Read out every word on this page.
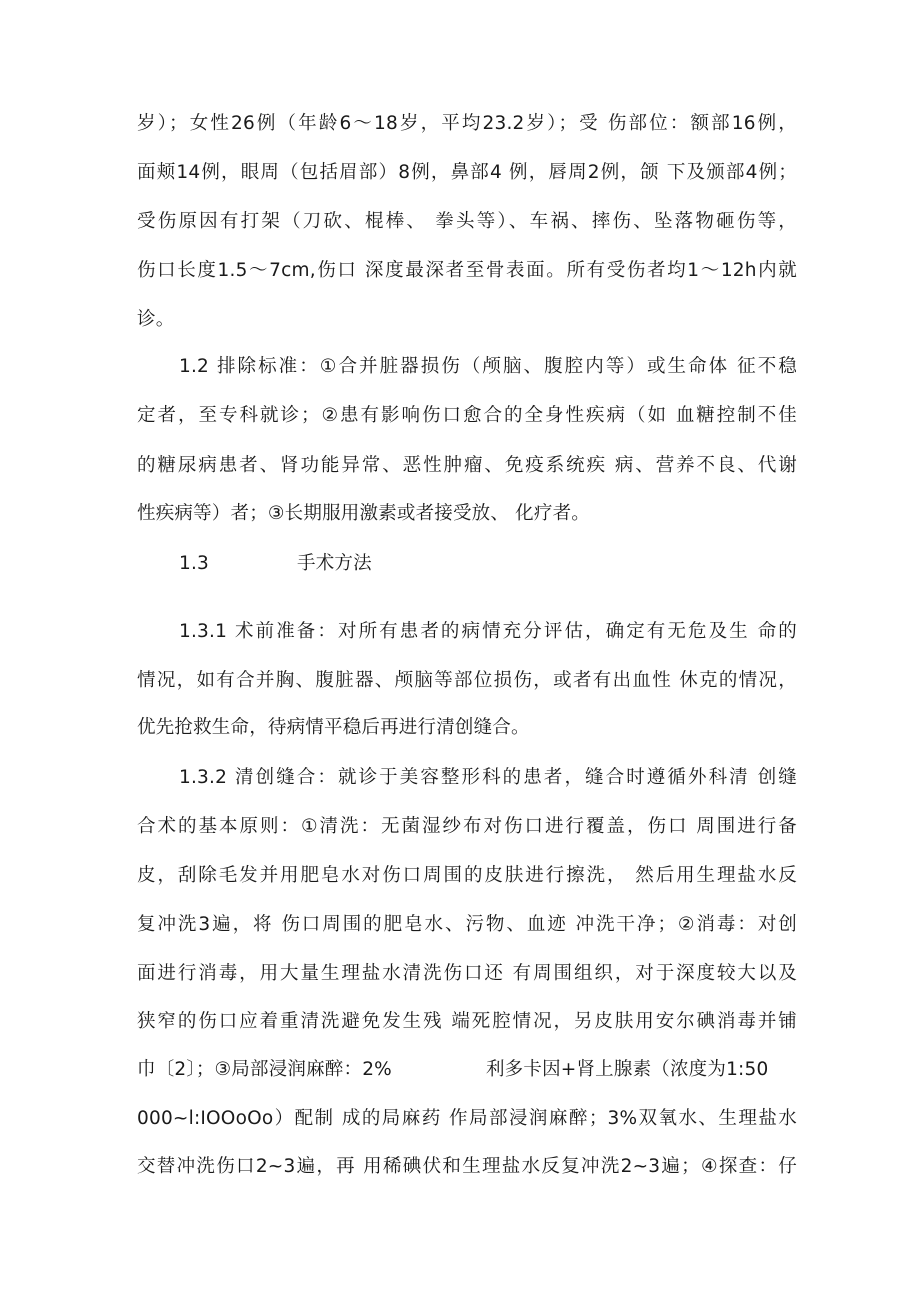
岁）；女性26例（年龄6～18岁，平均23.2岁）；受 伤部位：额部16例，
面颊14例，眼周（包括眉部）8例，鼻部4 例，唇周2例，颌 下及颁部4例；
受伤原因有打架（刀砍、棍棒、 拳头等）、车祸、摔伤、坠落物砸伤等，
伤口长度1.5～7cm,伤口 深度最深者至骨表面。所有受伤者均1～12h内就
诊。
1.2 排除标准：①合并脏器损伤（颅脑、腹腔内等）或生命体 征不稳
定者，至专科就诊；②患有影响伤口愈合的全身性疾病（如 血糖控制不佳
的糖尿病患者、肾功能异常、恶性肿瘤、免疫系统疾 病、营养不良、代谢
性疾病等）者；③长期服用激素或者接受放、 化疗者。
1.3	手术方法
1.3.1 术前准备：对所有患者的病情充分评估，确定有无危及生 命的
情况，如有合并胸、腹脏器、颅脑等部位损伤，或者有出血性 休克的情况，
优先抢救生命，待病情平稳后再进行清创缝合。
1.3.2 清创缝合：就诊于美容整形科的患者，缝合时遵循外科清 创缝
合术的基本原则：①清洗：无菌湿纱布对伤口进行覆盖，伤口 周围进行备
皮，刮除毛发并用肥皂水对伤口周围的皮肤进行擦洗， 然后用生理盐水反
复冲洗3遍，将 伤口周围的肥皂水、污物、血迹 冲洗干净；②消毒：对创
面进行消毒，用大量生理盐水清洗伤口还 有周围组织，对于深度较大以及
狭窄的伤口应着重清洗避免发生残 端死腔情况，另皮肤用安尔碘消毒并铺
巾〔2〕；③局部浸润麻醉：2%	利多卡因+肾上腺素（浓度为1:50
000~l:IOOoOo）配制 成的局麻药 作局部浸润麻醉；3%双氧水、生理盐水
交替冲洗伤口2~3遍，再 用稀碘伏和生理盐水反复冲洗2~3遍；④探查：仔
